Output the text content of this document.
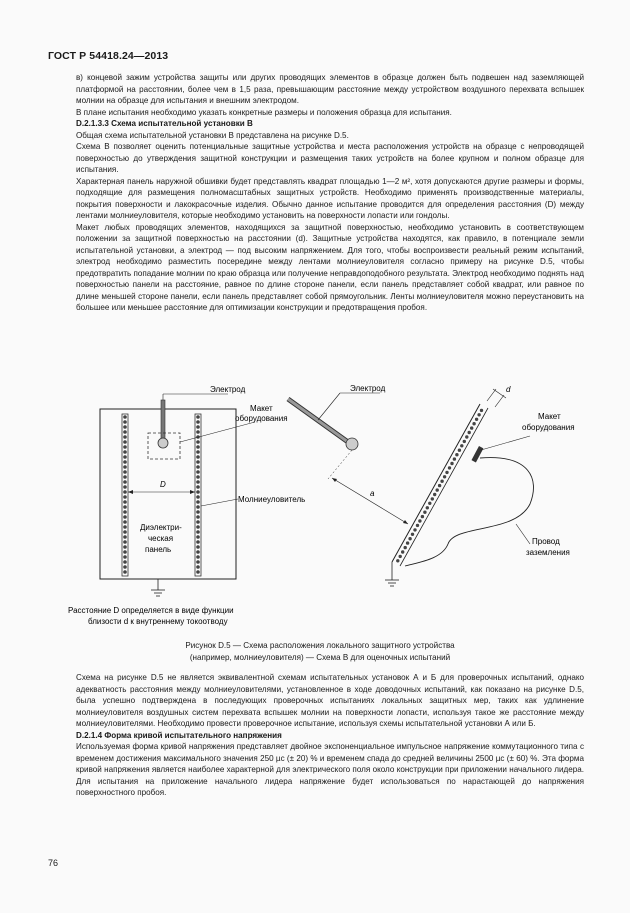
ГОСТ Р 54418.24—2013

в) концевой зажим устройства защиты или других проводящих элементов в образце должен быть подвешен над заземляющей платформой на расстоянии, более чем в 1,5 раза, превышающим расстояние между устройством воздушного перехвата вспышек молнии на образце для испытания и внешним электродом.

В плане испытания необходимо указать конкретные размеры и положения образца для испытания.

D.2.1.3.3 Схема испытательной установки В

Общая схема испытательной установки В представлена на рисунке D.5.

Схема В позволяет оценить потенциальные защитные устройства и места расположения устройств на образце с непроводящей поверхностью до утверждения защитной конструкции и размещения таких устройств на более крупном и полном образце для испытания.

Характерная панель наружной обшивки будет представлять квадрат площадью 1—2 м², хотя допускаются другие размеры и формы, подходящие для размещения полномасштабных защитных устройств. Необходимо применять производственные материалы, покрытия поверхности и лакокрасочные изделия. Обычно данное испытание проводится для определения расстояния (D) между лентами молниеуловителя, которые необходимо установить на поверхности лопасти или гондолы.

Макет любых проводящих элементов, находящихся за защитной поверхностью, необходимо установить в соответствующем положении за защитной поверхностью на расстоянии (d). Защитные устройства находятся, как правило, в потенциале земли испытательной установки, а электрод — под высоким напряжением. Для того, чтобы воспроизвести реальный режим испытаний, электрод необходимо разместить посередине между лентами молниеуловителя согласно примеру на рисунке D.5, чтобы предотвратить попадание молнии по краю образца или получение неправдоподобного результата. Электрод необходимо поднять над поверхностью панели на расстояние, равное по длине стороне панели, если панель представляет собой квадрат, или равное по длине меньшей стороне панели, если панель представляет собой прямоугольник. Ленты молниеуловителя можно переустановить на большее или меньшее расстояние для оптимизации конструкции и предотвращения пробоя.

Электрод
Макет
оборудования
D
Молниеуловитель
Диэлектри-
ческая
панель
Электрод
a
d
Макет
оборудования
Провод
заземления
Расстояние D определяется в виде функции
близости d к внутреннему токоотводу
Рисунок D.5 — Схема расположения локального защитного устройства
(например, молниеуловителя) — Схема В для оценочных испытаний

Схема на рисунке D.5 не является эквивалентной схемам испытательных установок А и Б для проверочных испытаний, однако адекватность расстояния между молниеуловителями, установленное в ходе доводочных испытаний, как показано на рисунке D.5, была успешно подтверждена в последующих проверочных испытаниях локальных защитных мер, таких как удлинение молниеуловителя воздушных систем перехвата вспышек молнии на поверхности лопасти, используя такое же расстояние между молниеуловителями. Необходимо провести проверочное испытание, используя схемы испытательной установки А или Б.

D.2.1.4 Форма кривой испытательного напряжения

Используемая форма кривой напряжения представляет двойное экспоненциальное импульсное напряжение коммутационного типа с временем достижения максимального значения 250 µс (± 20) % и временем спада до средней величины 2500 µс (± 60) %. Эта форма кривой напряжения является наиболее характерной для электрического поля около конструкции при приложении начального лидера. Для испытания на приложение начального лидера напряжение будет использоваться по нарастающей до напряжения поверхностного пробоя.

76
